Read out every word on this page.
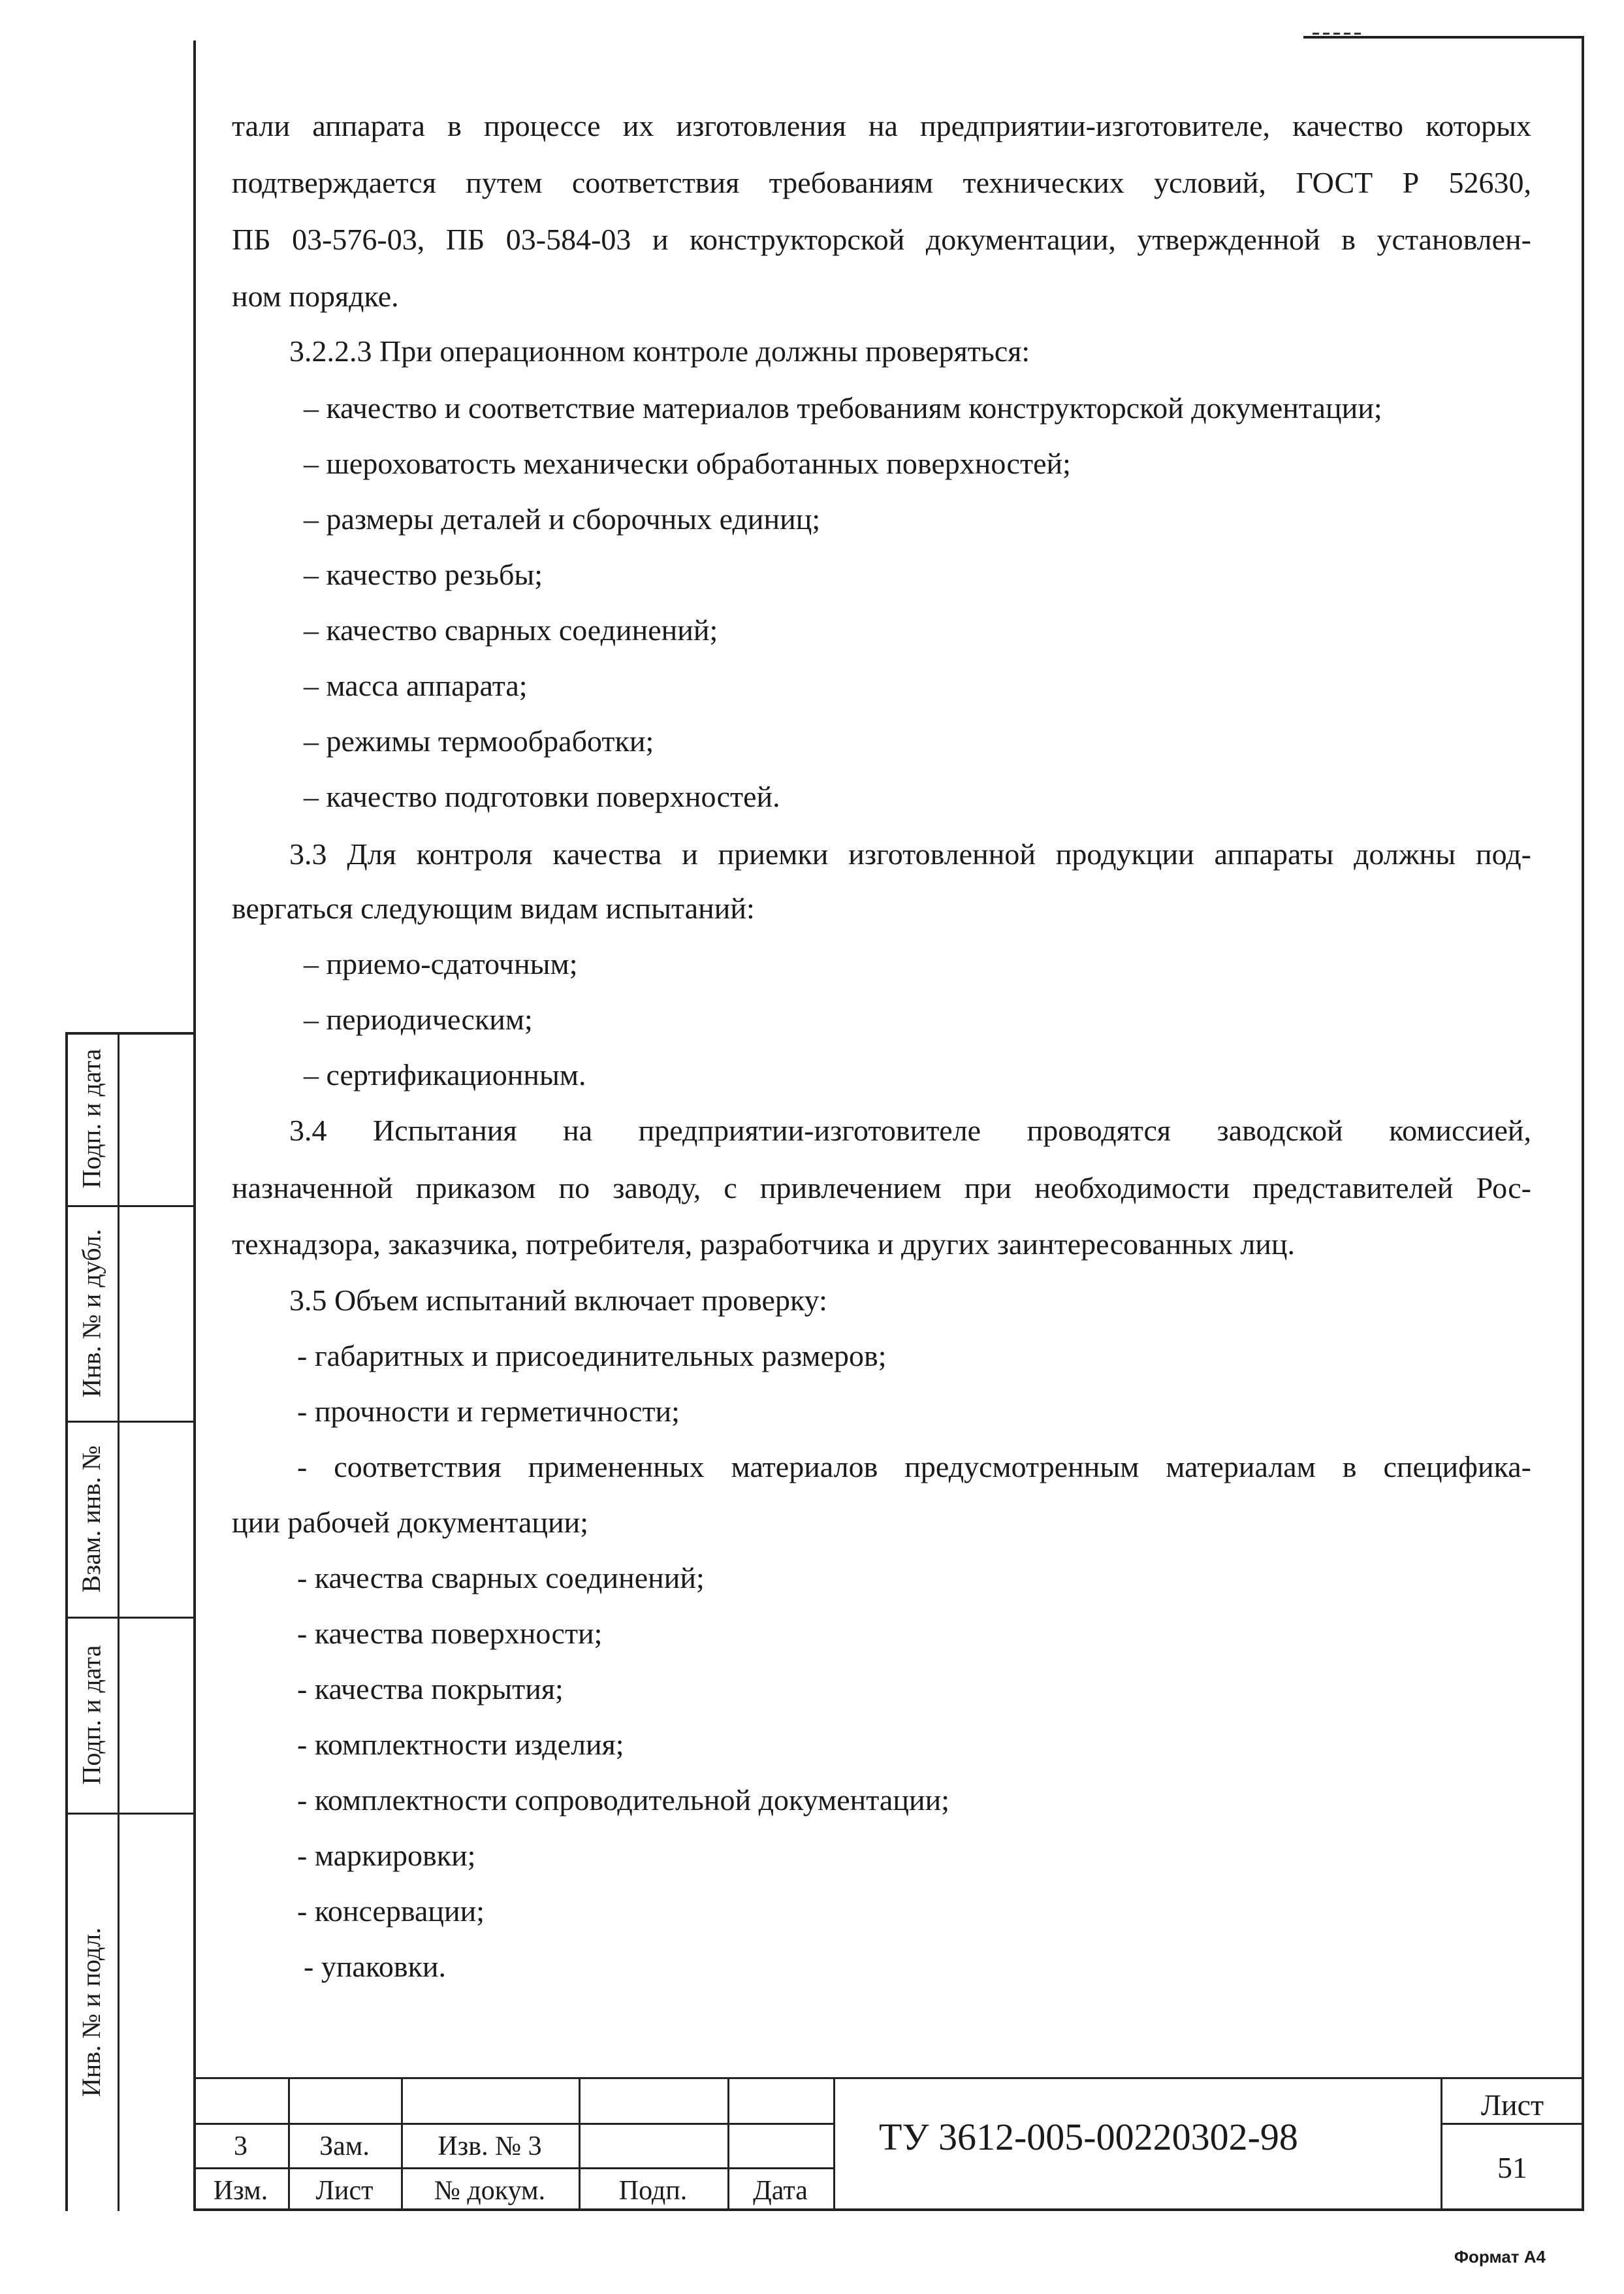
Подп. и дата
Инв. № и дубл.
Взам. инв. №
Подп. и дата
Инв. № и подл.
тали аппарата в процессе их изготовления на предприятии-изготовителе, качество которых
подтверждается путем соответствия требованиям технических условий, ГОСТ Р 52630,
ПБ 03-576-03, ПБ 03-584-03 и конструкторской документации, утвержденной в установлен-
ном порядке.
3.2.2.3 При операционном контроле должны проверяться:
– качество и соответствие материалов требованиям конструкторской документации;
– шероховатость механически обработанных поверхностей;
– размеры деталей и сборочных единиц;
– качество резьбы;
– качество сварных соединений;
– масса аппарата;
– режимы термообработки;
– качество подготовки поверхностей.
3.3 Для контроля качества и приемки изготовленной продукции аппараты должны под-
вергаться следующим видам испытаний:
– приемо-сдаточным;
– периодическим;
– сертификационным.
3.4 Испытания на предприятии-изготовителе проводятся заводской комиссией,
назначенной приказом по заводу, с привлечением при необходимости представителей Рос-
технадзора, заказчика, потребителя, разработчика и других заинтересованных лиц.
3.5 Объем испытаний включает проверку:
- габаритных и присоединительных размеров;
- прочности и герметичности;
- соответствия примененных материалов предусмотренным материалам в специфика-
ции рабочей документации;
- качества сварных соединений;
- качества поверхности;
- качества покрытия;
- комплектности изделия;
- комплектности сопроводительной документации;
- маркировки;
- консервации;
- упаковки.
3	Зам.	Изв. № 3
Изм.	Лист	№ докум.	Подп.	Дата
ТУ 3612-005-00220302-98
Лист
51
Формат А4
